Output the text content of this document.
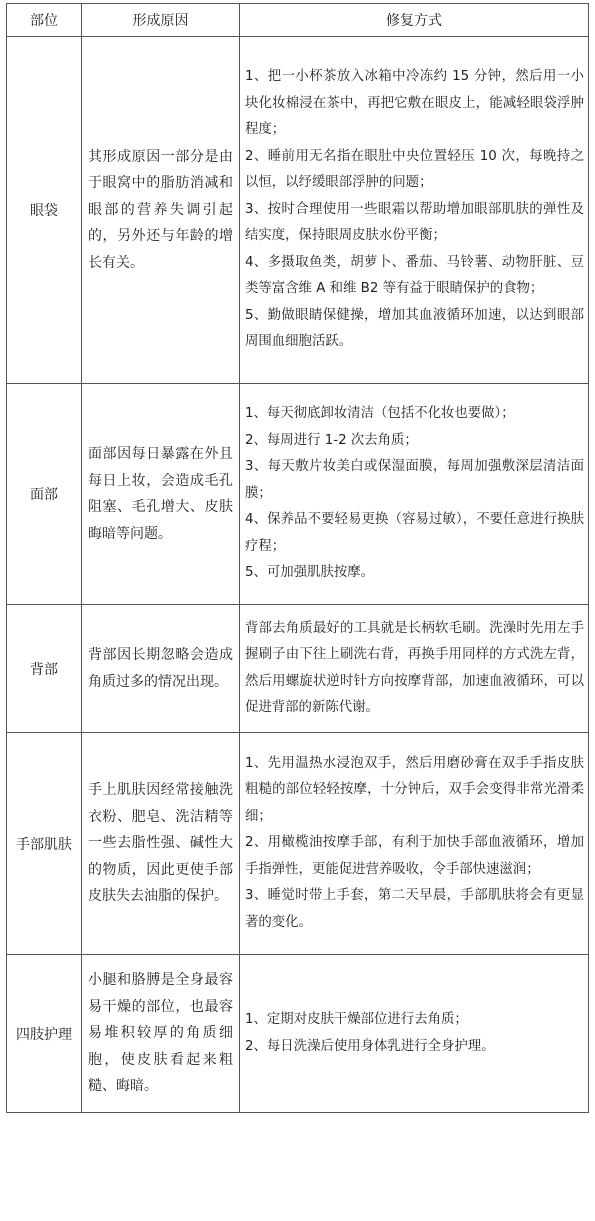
部位	形成原因	修复方式
眼袋	其形成原因一部分是由于眼窝中的脂肪消减和眼部的营养失调引起的，另外还与年龄的增长有关。	1、把一小杯茶放入冰箱中冷冻约 15 分钟，然后用一小块化妆棉浸在茶中，再把它敷在眼皮上，能减轻眼袋浮肿程度；

2、睡前用无名指在眼肚中央位置轻压 10 次，每晚持之以恒，以纾缓眼部浮肿的问题；

3、按时合理使用一些眼霜以帮助增加眼部肌肤的弹性及结实度，保持眼周皮肤水份平衡；

4、多摄取鱼类，胡萝卜、番茄、马铃薯、动物肝脏、豆类等富含维 A 和维 B2 等有益于眼睛保护的食物；

5、勤做眼睛保健操，增加其血液循环加速，以达到眼部周围血细胞活跃。

面部	面部因每日暴露在外且每日上妆，会造成毛孔阻塞、毛孔增大、皮肤晦暗等问题。	1、每天彻底卸妆清洁（包括不化妆也要做）；

2、每周进行 1-2 次去角质；

3、每天敷片妆美白或保湿面膜，每周加强敷深层清洁面膜；

4、保养品不要轻易更换（容易过敏），不要任意进行换肤疗程；

5、可加强肌肤按摩。

背部	背部因长期忽略会造成角质过多的情况出现。	背部去角质最好的工具就是长柄软毛刷。洗澡时先用左手握刷子由下往上刷洗右背，再换手用同样的方式洗左背，然后用螺旋状逆时针方向按摩背部，加速血液循环，可以促进背部的新陈代谢。

手部肌肤	手上肌肤因经常接触洗衣粉、肥皂、洗洁精等一些去脂性强、碱性大的物质，因此更使手部皮肤失去油脂的保护。	1、先用温热水浸泡双手，然后用磨砂膏在双手手指皮肤粗糙的部位轻轻按摩，十分钟后，双手会变得非常光滑柔细；

2、用橄榄油按摩手部，有利于加快手部血液循环，增加手指弹性，更能促进营养吸收，令手部快速滋润；

3、睡觉时带上手套，第二天早晨，手部肌肤将会有更显著的变化。

四肢护理	小腿和胳膊是全身最容易干燥的部位，也最容易堆积较厚的角质细胞，使皮肤看起来粗糙、晦暗。	1、定期对皮肤干燥部位进行去角质；

2、每日洗澡后使用身体乳进行全身护理。
